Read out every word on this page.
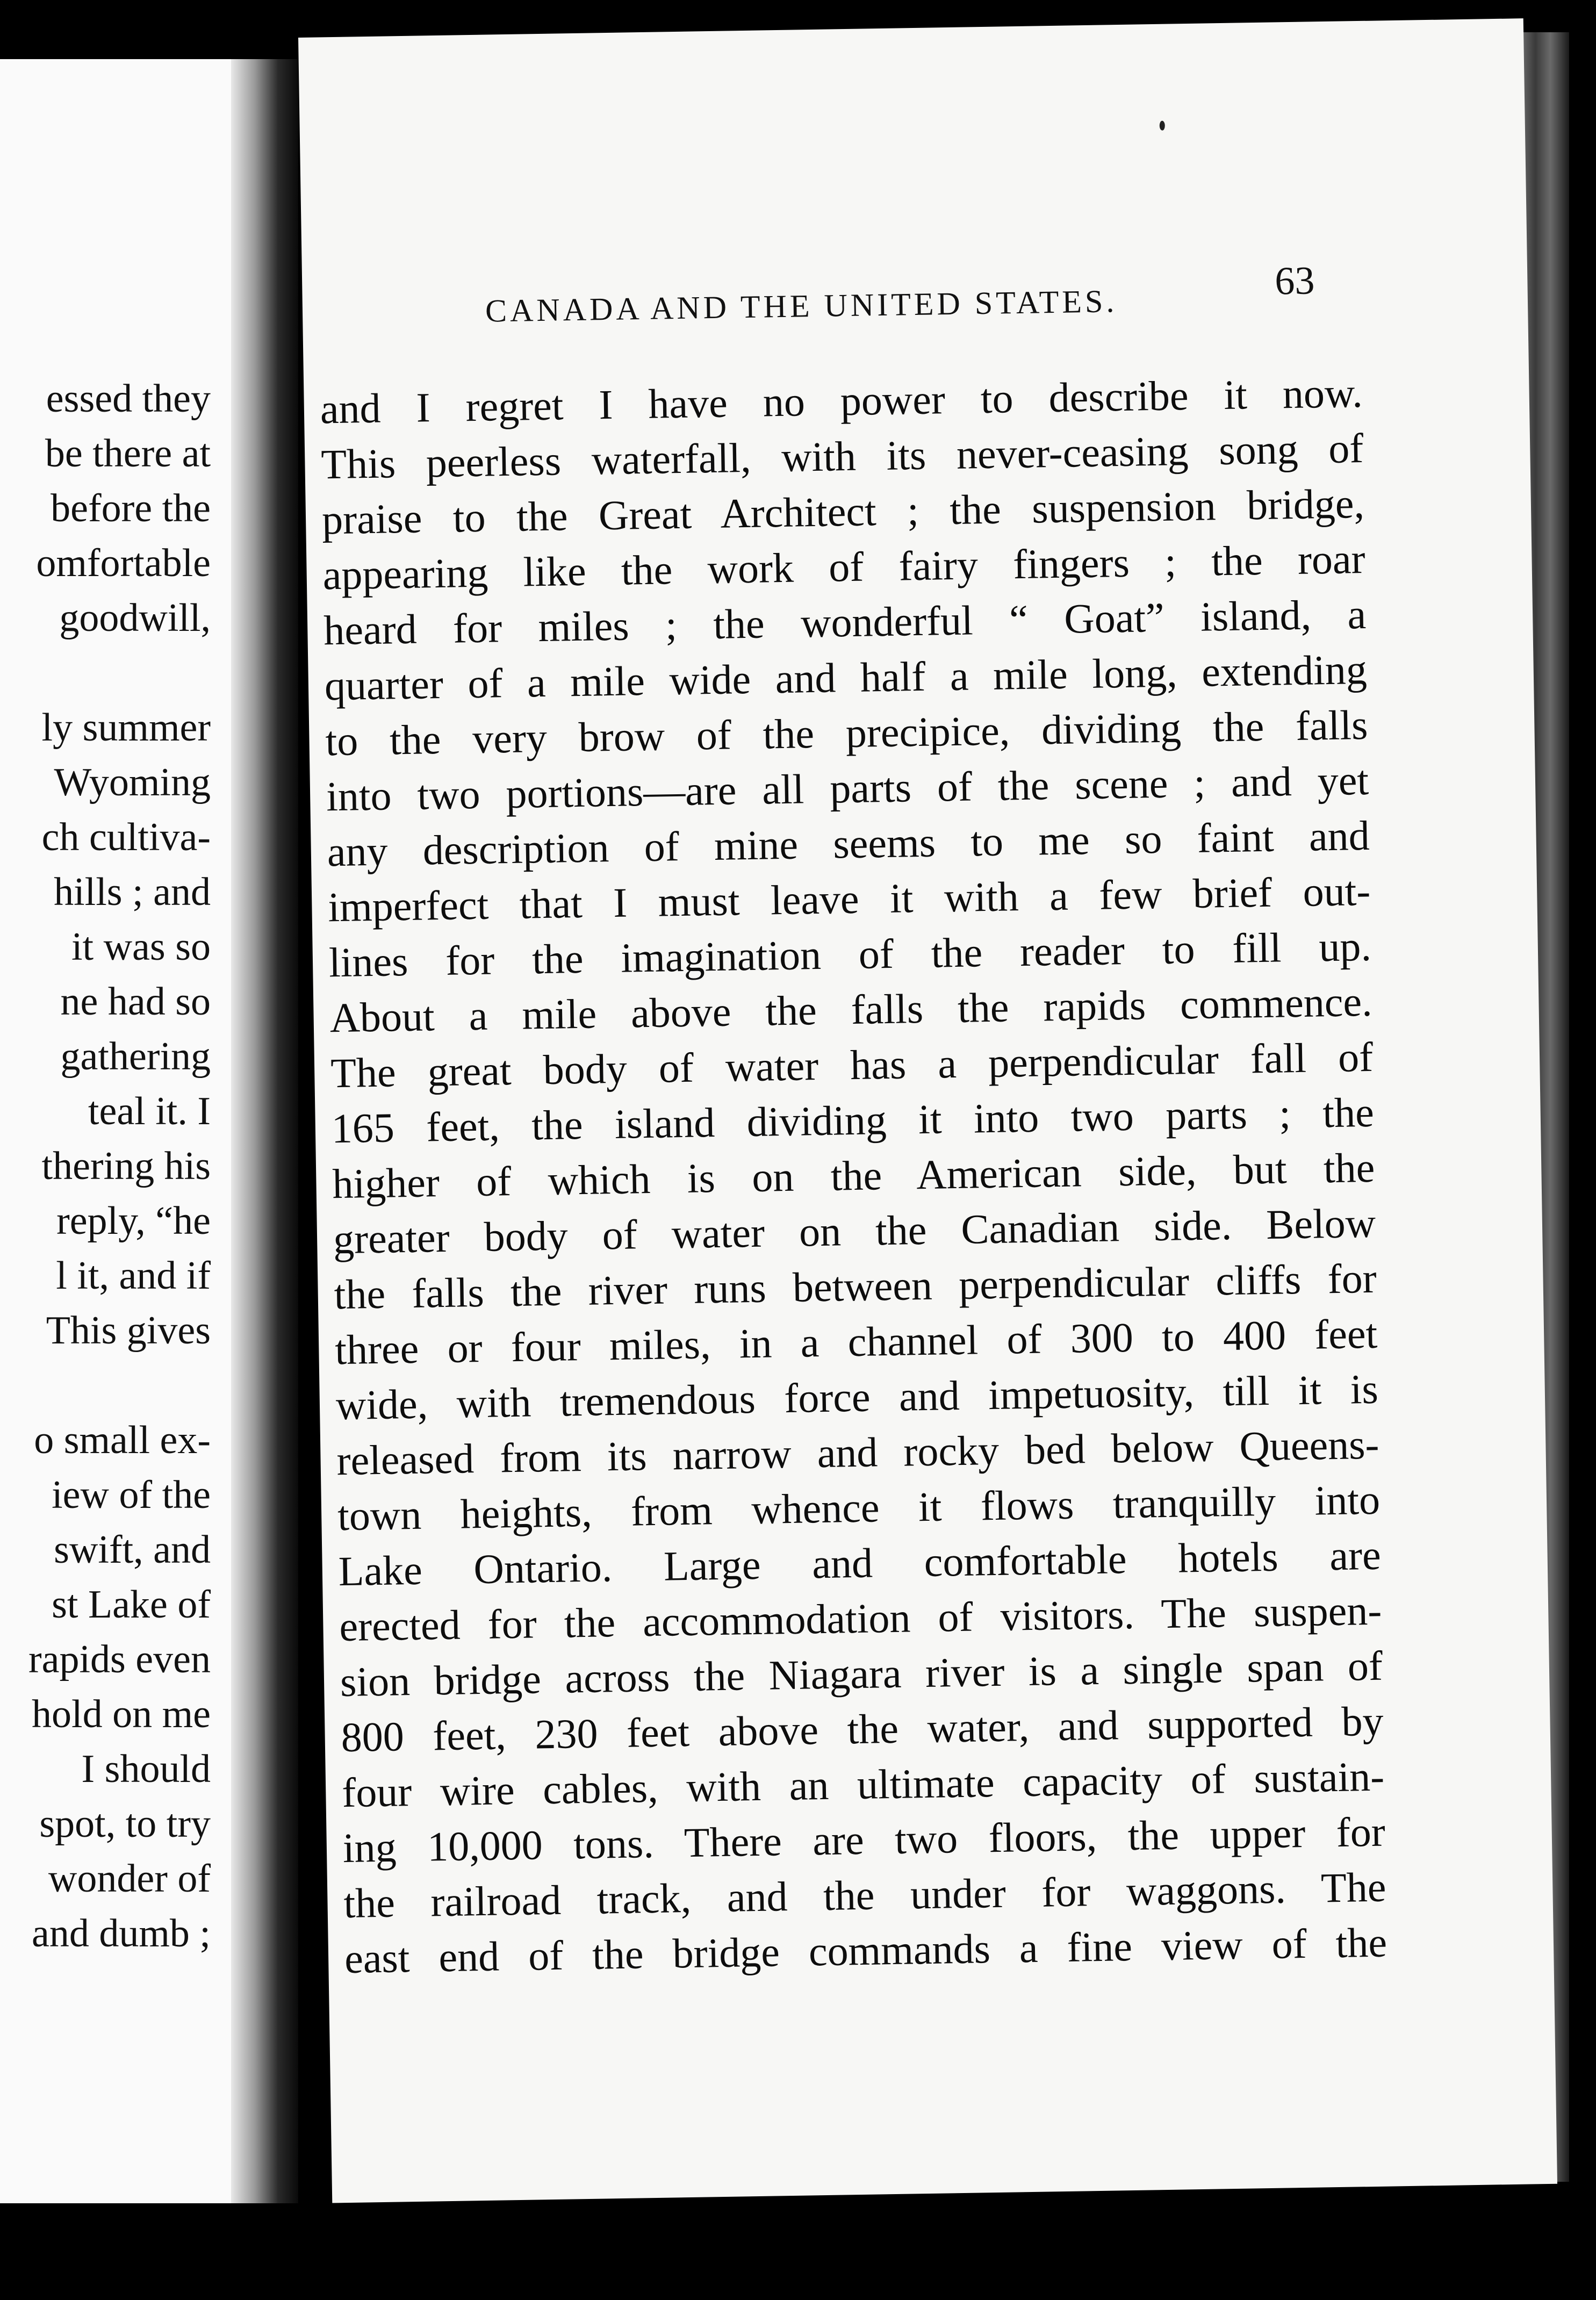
essed they
be there at
before the
omfortable
goodwill,
ly summer
Wyoming
ch cultiva-
hills ; and
it was so
ne had so
gathering
teal it. I
thering his
reply, “he
l it, and if
This gives
o small ex-
iew of the
swift, and
st Lake of
rapids even
hold on me
I should
spot, to try
wonder of
and dumb ;
CANADA AND THE UNITED STATES.
63
and I regret I have no power to describe it now.
This peerless waterfall, with its never-ceasing song of
praise to the Great Architect ; the suspension bridge,
appearing like the work of fairy fingers ; the roar
heard for miles ; the wonderful “ Goat” island, a
quarter of a mile wide and half a mile long, extending
to the very brow of the precipice, dividing the falls
into two portions—are all parts of the scene ; and yet
any description of mine seems to me so faint and
imperfect that I must leave it with a few brief out-
lines for the imagination of the reader to fill up.
About a mile above the falls the rapids commence.
The great body of water has a perpendicular fall of
165 feet, the island dividing it into two parts ; the
higher of which is on the American side, but the
greater body of water on the Canadian side. Below
the falls the river runs between perpendicular cliffs for
three or four miles, in a channel of 300 to 400 feet
wide, with tremendous force and impetuosity, till it is
released from its narrow and rocky bed below Queens-
town heights, from whence it flows tranquilly into
Lake Ontario. Large and comfortable hotels are
erected for the accommodation of visitors. The suspen-
sion bridge across the Niagara river is a single span of
800 feet, 230 feet above the water, and supported by
four wire cables, with an ultimate capacity of sustain-
ing 10,000 tons. There are two floors, the upper for
the railroad track, and the under for waggons. The
east end of the bridge commands a fine view of the
